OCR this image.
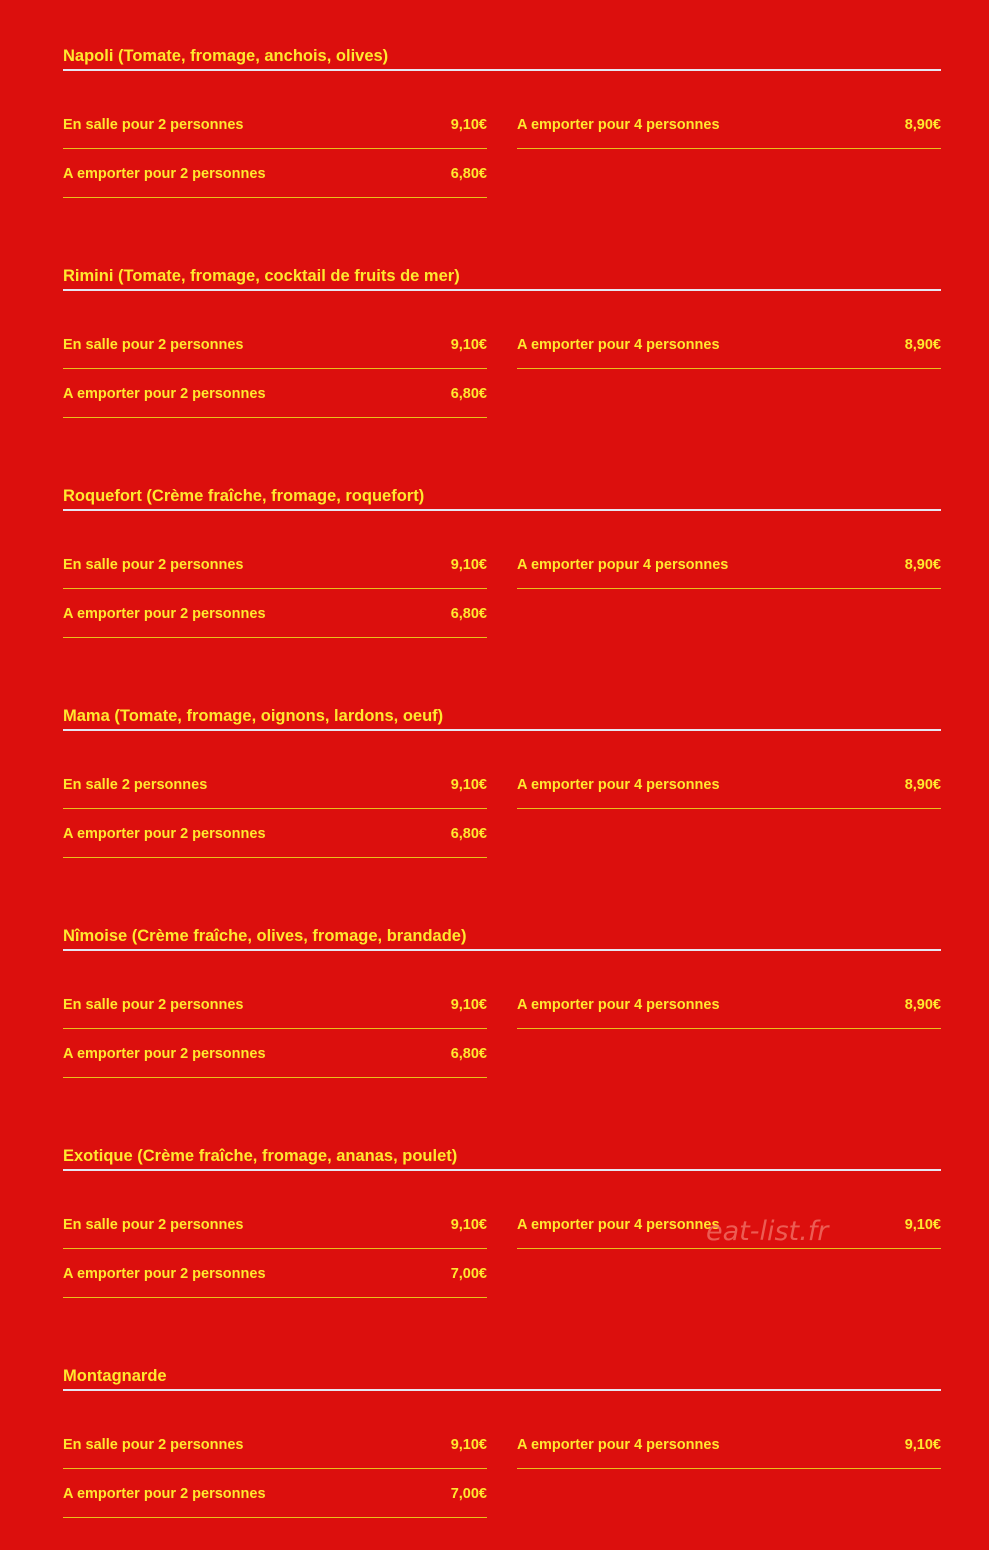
Napoli (Tomate, fromage, anchois, olives)
En salle pour 2 personnes	9,10€ A emporter pour 4 personnes	8,90€
A emporter pour 2 personnes	6,80€
Rimini (Tomate, fromage, cocktail de fruits de mer)
En salle pour 2 personnes	9,10€ A emporter pour 4 personnes	8,90€
A emporter pour 2 personnes	6,80€
Roquefort (Crème fraîche, fromage, roquefort)
En salle pour 2 personnes	9,10€ A emporter popur 4 personnes	8,90€
A emporter pour 2 personnes	6,80€
Mama (Tomate, fromage, oignons, lardons, oeuf)
En salle 2 personnes	9,10€ A emporter pour 4 personnes	8,90€
A emporter pour 2 personnes	6,80€
Nîmoise (Crème fraîche, olives, fromage, brandade)
En salle pour 2 personnes	9,10€ A emporter pour 4 personnes	8,90€
A emporter pour 2 personnes	6,80€
Exotique (Crème fraîche, fromage, ananas, poulet)
En salle pour 2 personnes	9,10€ A emporter pour 4 personnes	9,10€
A emporter pour 2 personnes	7,00€
Montagnarde
En salle pour 2 personnes	9,10€ A emporter pour 4 personnes	9,10€
A emporter pour 2 personnes	7,00€
eat-list.fr
